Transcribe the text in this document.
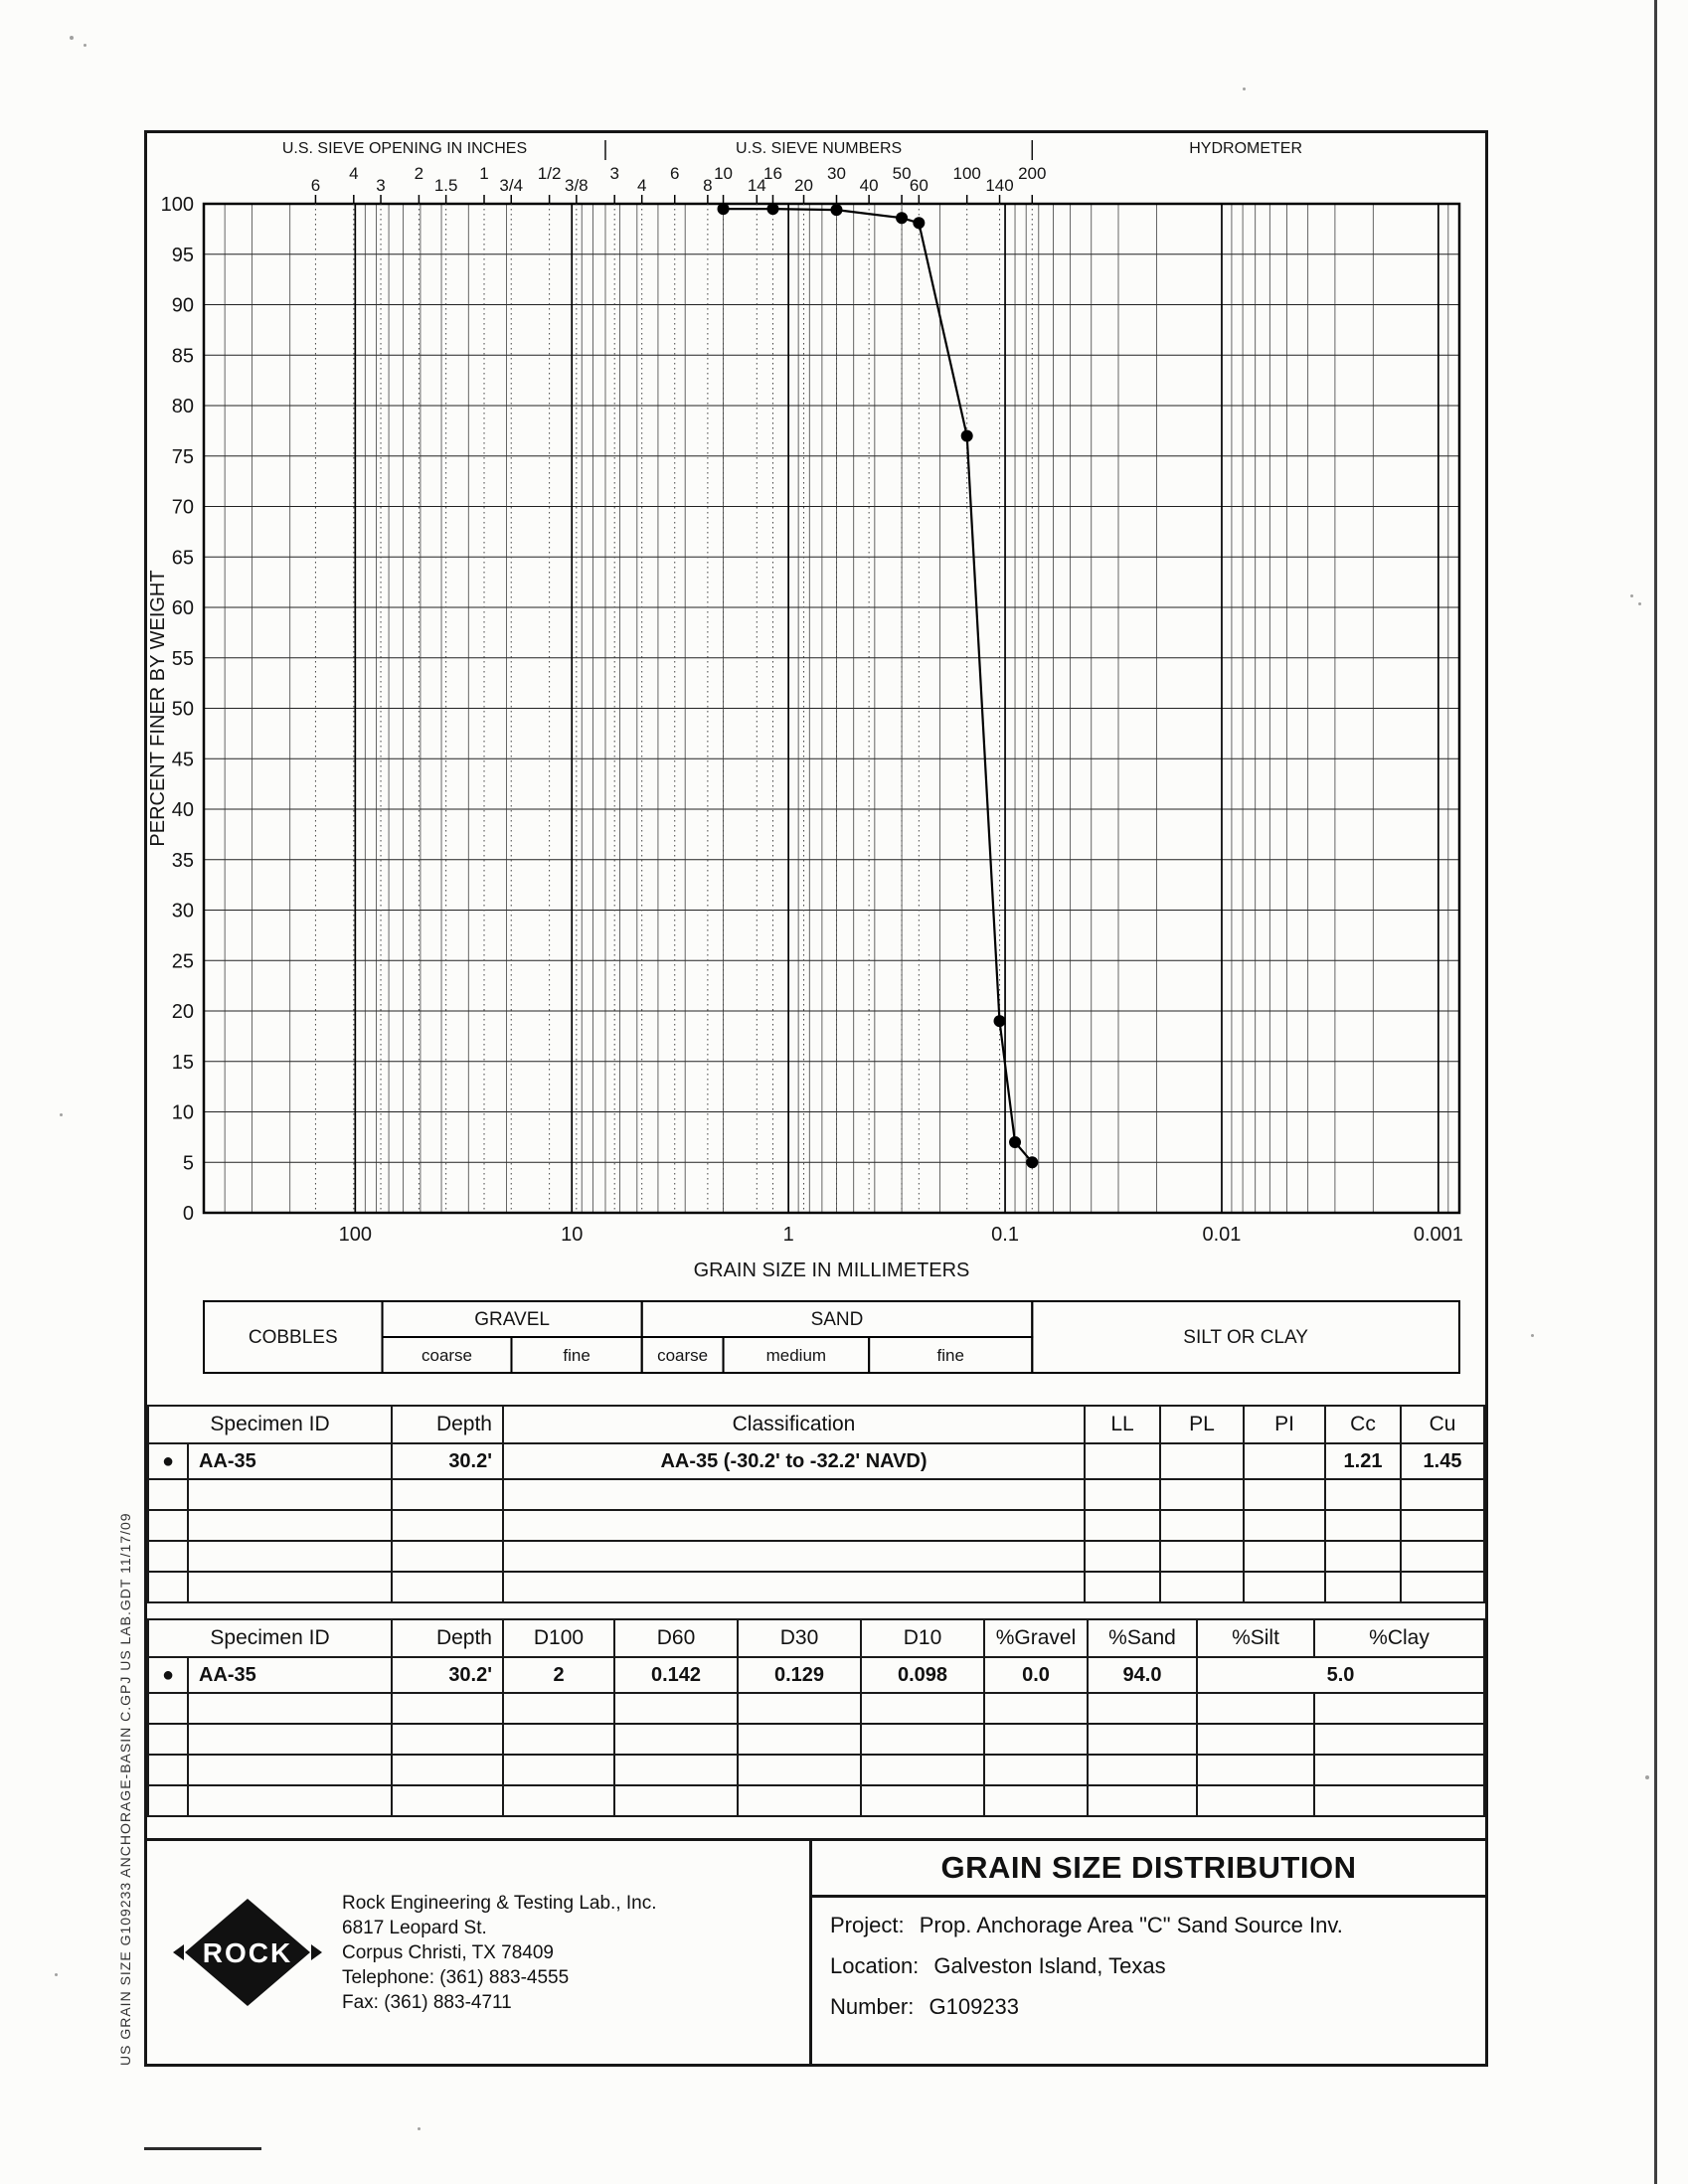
100
95
90
85
80
75
70
65
60
55
50
45
40
35
30
25
20
15
10
5
0
6
4
3
2
1.5
1
3/4
1/2
3/8
3
4
6
8
10
14
16
20
30
40
50
60
100
140
200
U.S. SIEVE OPENING IN INCHES	U.S. SIEVE NUMBERS	HYDROMETER
100	10	1	0.1	0.01	0.001
GRAIN SIZE IN MILLIMETERS
PERCENT FINER BY WEIGHT
COBBLES
GRAVEL	SAND
SILT OR CLAY
coarse	fine	coarse	medium	fine
Specimen ID		Depth	Classification	LL	PL	PI	Cc	Cu
●	AA-35	30.2'	AA-35 (-30.2' to -32.2' NAVD)				1.21	1.45

Specimen ID		Depth	D100	D60	D30	D10	%Gravel	%Sand	%Silt	%Clay
●	AA-35	30.2'	2	0.142	0.129	0.098	0.0	94.0	5.0	

ROCK
Rock Engineering & Testing Lab., Inc.
6817 Leopard St.
Corpus Christi, TX 78409
Telephone: (361) 883-4555
Fax: (361) 883-4711
GRAIN SIZE DISTRIBUTION
Project: Prop. Anchorage Area "C" Sand Source Inv.
Location: Galveston Island, Texas
Number: G109233
US GRAIN SIZE G109233 ANCHORAGE-BASIN C.GPJ US LAB.GDT 11/17/09
